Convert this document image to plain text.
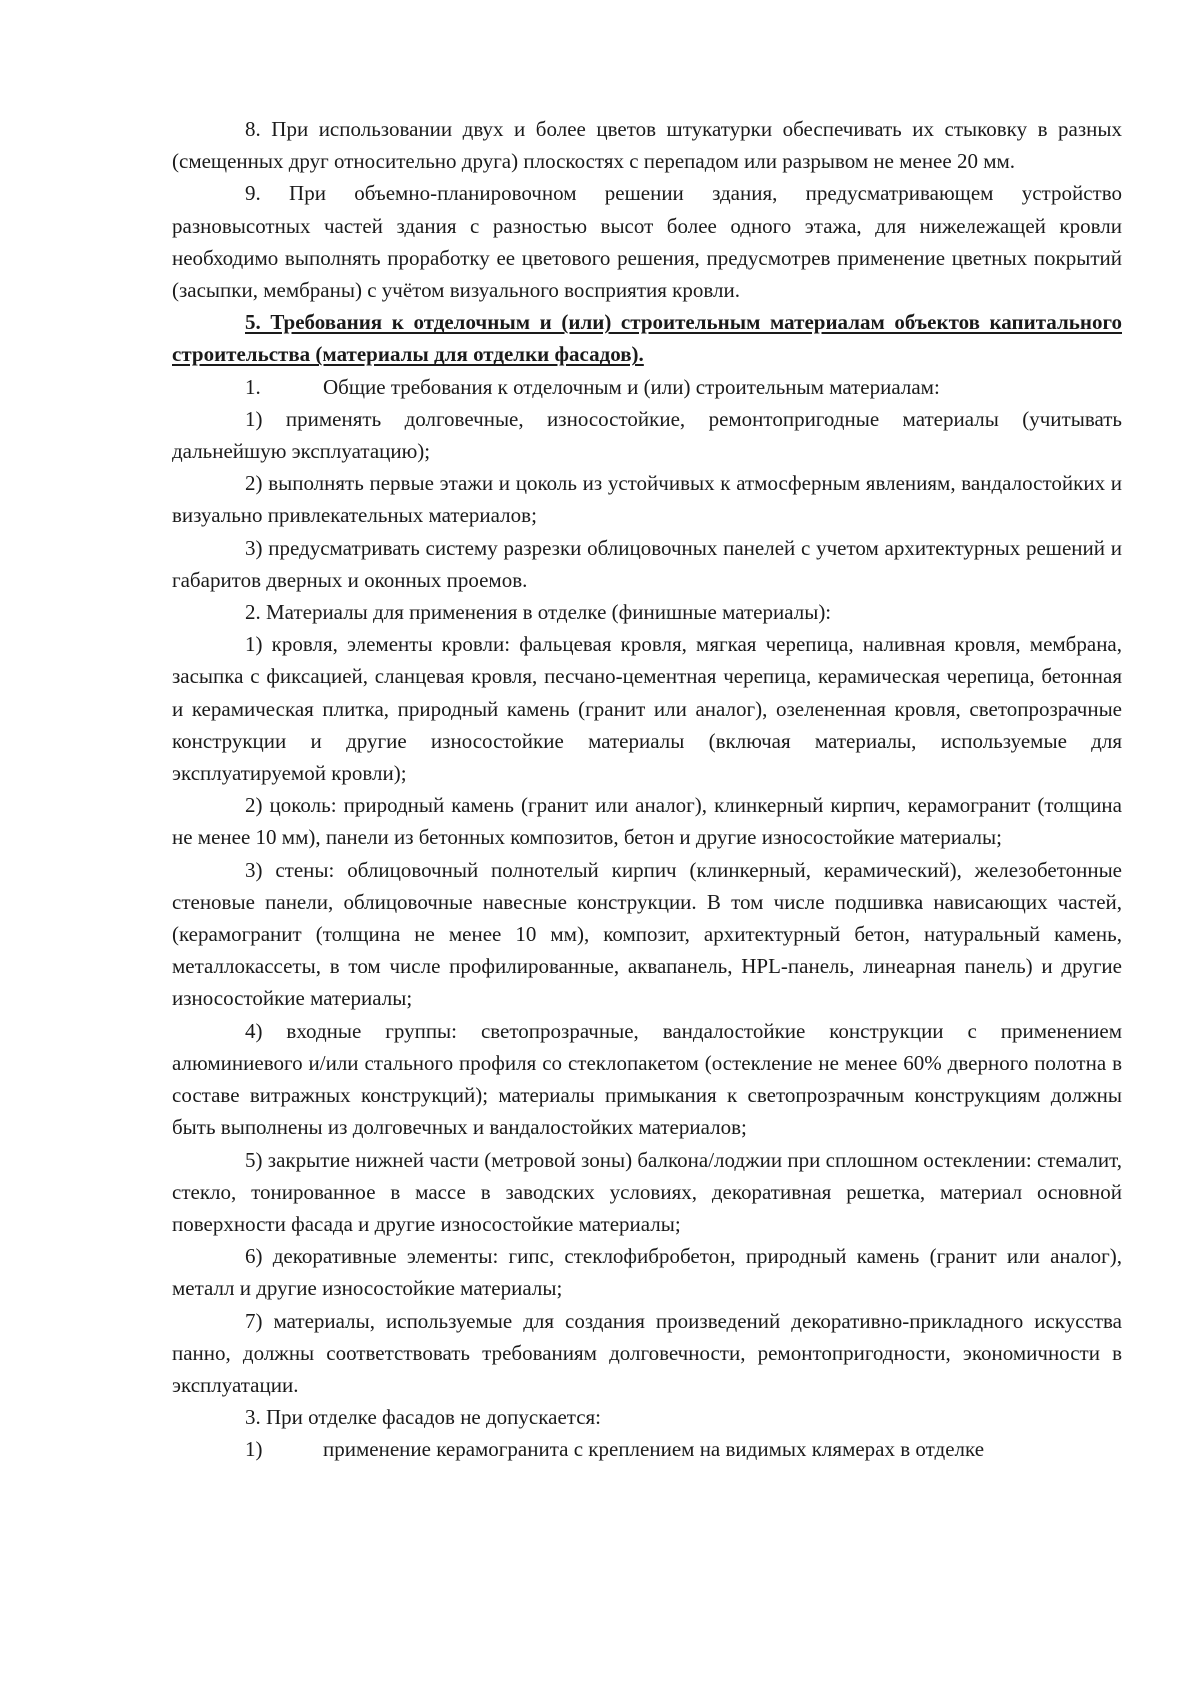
8. При использовании двух и более цветов штукатурки обеспечивать их стыковку в разных (смещенных друг относительно друга) плоскостях с перепадом или разрывом не менее 20 мм.

9. При объемно-планировочном решении здания, предусматривающем устройство разновысотных частей здания с разностью высот более одного этажа, для нижележащей кровли необходимо выполнять проработку ее цветового решения, предусмотрев применение цветных покрытий (засыпки, мембраны) с учётом визуального восприятия кровли.

5. Требования к отделочным и (или) строительным материалам объектов капитального строительства (материалы для отделки фасадов).

1.	Общие требования к отделочным и (или) строительным материалам:

1) применять долговечные, износостойкие, ремонтопригодные материалы (учитывать дальнейшую эксплуатацию);

2) выполнять первые этажи и цоколь из устойчивых к атмосферным явлениям, вандалостойких и визуально привлекательных материалов;

3) предусматривать систему разрезки облицовочных панелей с учетом архитектурных решений и габаритов дверных и оконных проемов.

2. Материалы для применения в отделке (финишные материалы):

1) кровля, элементы кровли: фальцевая кровля, мягкая черепица, наливная кровля, мембрана, засыпка с фиксацией, сланцевая кровля, песчано-цементная черепица, керамическая черепица, бетонная и керамическая плитка, природный камень (гранит или аналог), озелененная кровля, светопрозрачные конструкции и другие износостойкие материалы (включая материалы, используемые для эксплуатируемой кровли);

2) цоколь: природный камень (гранит или аналог), клинкерный кирпич, керамогранит (толщина не менее 10 мм), панели из бетонных композитов, бетон и другие износостойкие материалы;

3) стены: облицовочный полнотелый кирпич (клинкерный, керамический), железобетонные стеновые панели, облицовочные навесные конструкции. В том числе подшивка нависающих частей, (керамогранит (толщина не менее 10 мм), композит, архитектурный бетон, натуральный камень, металлокассеты, в том числе профилированные, аквапанель, HPL-панель, линеарная панель) и другие износостойкие материалы;

4) входные группы: светопрозрачные, вандалостойкие конструкции с применением алюминиевого и/или стального профиля со стеклопакетом (остекление не менее 60% дверного полотна в составе витражных конструкций); материалы примыкания к светопрозрачным конструкциям должны быть выполнены из долговечных и вандалостойких материалов;

5) закрытие нижней части (метровой зоны) балкона/лоджии при сплошном остеклении: стемалит, стекло, тонированное в массе в заводских условиях, декоративная решетка, материал основной поверхности фасада и другие износостойкие материалы;

6) декоративные элементы: гипс, стеклофибробетон, природный камень (гранит или аналог), металл и другие износостойкие материалы;

7) материалы, используемые для создания произведений декоративно-прикладного искусства панно, должны соответствовать требованиям долговечности, ремонтопригодности, экономичности в эксплуатации.

3. При отделке фасадов не допускается:

1)	применение керамогранита с креплением на видимых клямерах в отделке
